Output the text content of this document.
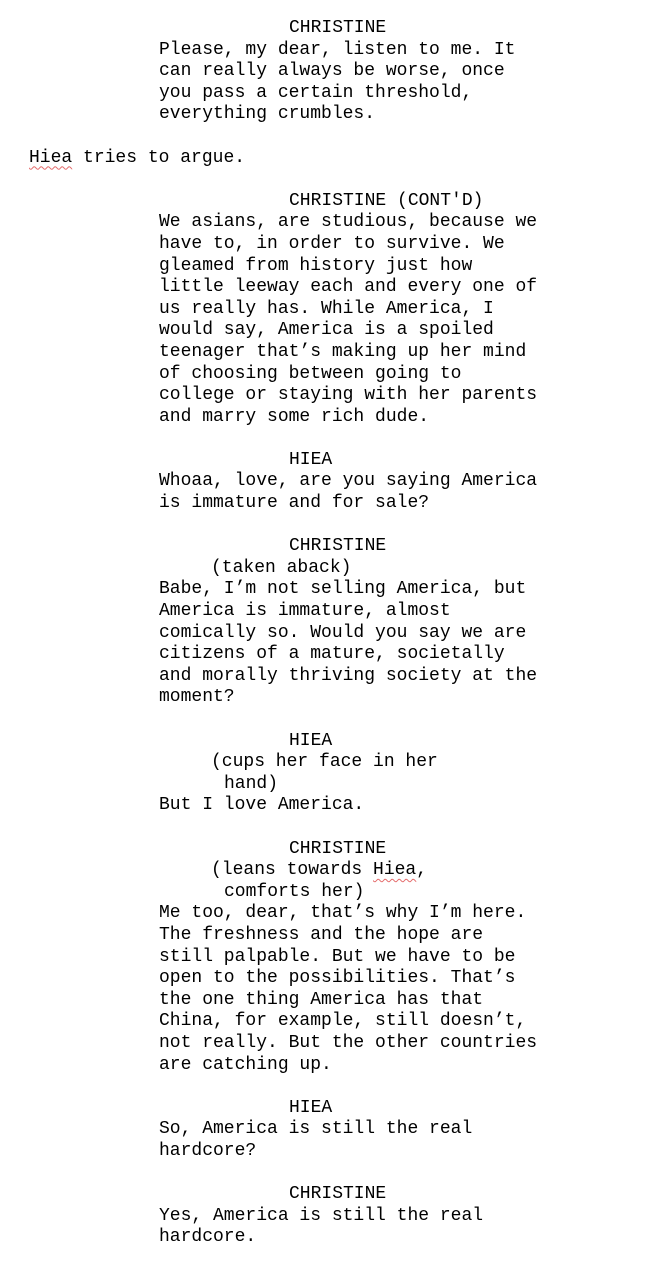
CHRISTINE
Please, my dear, listen to me. It
can really always be worse, once
you pass a certain threshold,
everything crumbles.
Hiea tries to argue.
CHRISTINE (CONT'D)
We asians, are studious, because we
have to, in order to survive. We
gleamed from history just how
little leeway each and every one of
us really has. While America, I
would say, America is a spoiled
teenager that’s making up her mind
of choosing between going to
college or staying with her parents
and marry some rich dude.
HIEA
Whoaa, love, are you saying America
is immature and for sale?
CHRISTINE
(taken aback)
Babe, I’m not selling America, but
America is immature, almost
comically so. Would you say we are
citizens of a mature, societally
and morally thriving society at the
moment?
HIEA
(cups her face in her
hand)
But I love America.
CHRISTINE
(leans towards Hiea,
comforts her)
Me too, dear, that’s why I’m here.
The freshness and the hope are
still palpable. But we have to be
open to the possibilities. That’s
the one thing America has that
China, for example, still doesn’t,
not really. But the other countries
are catching up.
HIEA
So, America is still the real
hardcore?
CHRISTINE
Yes, America is still the real
hardcore.
